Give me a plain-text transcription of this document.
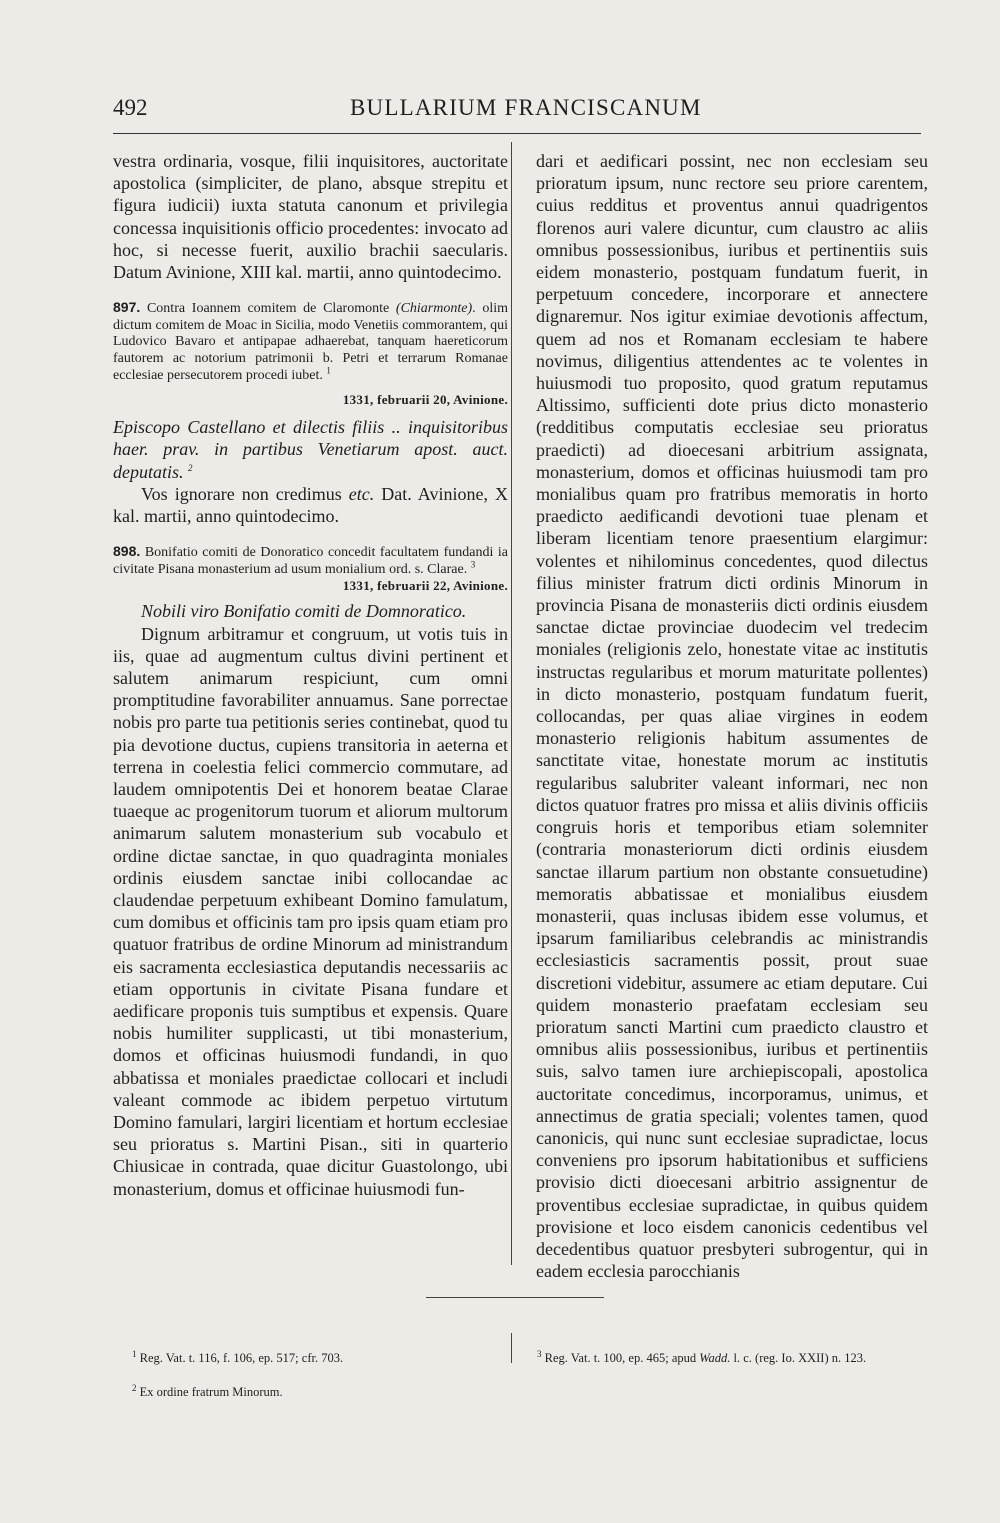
492	BULLARIUM FRANCISCANUM

vestra ordinaria, vosque, filii inquisitores, auctoritate apostolica (simpliciter, de plano, absque strepitu et figura iudicii) iuxta statuta canonum et privilegia concessa inquisitionis officio procedentes: invocato ad hoc, si necesse fuerit, auxilio brachii saecularis. Datum Avinione, XIII kal. martii, anno quintodecimo.

897. Contra Ioannem comitem de Claromonte (Chiarmonte). olim dictum comitem de Moac in Sicilia, modo Venetiis commorantem, qui Ludovico Bavaro et antipapae adhaerebat, tanquam haereticorum fautorem ac notorium patrimonii b. Petri et terrarum Romanae ecclesiae persecutorem procedi iubet. $^1$

1331, februarii 20, Avinione.

Episcopo Castellano et dilectis filiis .. inquisitoribus haer. prav. in partibus Venetiarum apost. auct. deputatis. $^2$

Vos ignorare non credimus etc. Dat. Avinione, X kal. martii, anno quintodecimo.

898. Bonifatio comiti de Donoratico concedit facultatem fundandi ia civitate Pisana monasterium ad usum monialium ord. s. Clarae. $^3$

1331, februarii 22, Avinione.

Nobili viro Bonifatio comiti de Domnoratico.

Dignum arbitramur et congruum, ut votis tuis in iis, quae ad augmentum cultus divini pertinent et salutem animarum respiciunt, cum omni promptitudine favorabiliter annuamus. Sane porrectae nobis pro parte tua petitionis series continebat, quod tu pia devotione ductus, cupiens transitoria in aeterna et terrena in coelestia felici commercio commutare, ad laudem omnipotentis Dei et honorem beatae Clarae tuaeque ac progenitorum tuorum et aliorum multorum animarum salutem monasterium sub vocabulo et ordine dictae sanctae, in quo quadraginta moniales ordinis eiusdem sanctae inibi collocandae ac claudendae perpetuum exhibeant Domino famulatum, cum domibus et officinis tam pro ipsis quam etiam pro quatuor fratribus de ordine Minorum ad ministrandum eis sacramenta ecclesiastica deputandis necessariis ac etiam opportunis in civitate Pisana fundare et aedificare proponis tuis sumptibus et expensis. Quare nobis humiliter supplicasti, ut tibi monasterium, domos et officinas huiusmodi fundandi, in quo abbatissa et moniales praedictae collocari et includi valeant commode ac ibidem perpetuo virtutum Domino famulari, largiri licentiam et hortum ecclesiae seu prioratus s. Martini Pisan., siti in quarterio Chiusicae in contrada, quae dicitur Guastolongo, ubi monasterium, domus et officinae huiusmodi fun-

dari et aedificari possint, nec non ecclesiam seu prioratum ipsum, nunc rectore seu priore carentem, cuius redditus et proventus annui quadrigentos florenos auri valere dicuntur, cum claustro ac aliis omnibus possessionibus, iuribus et pertinentiis suis eidem monasterio, postquam fundatum fuerit, in perpetuum concedere, incorporare et annectere dignaremur. Nos igitur eximiae devotionis affectum, quem ad nos et Romanam ecclesiam te habere novimus, diligentius attendentes ac te volentes in huiusmodi tuo proposito, quod gratum reputamus Altissimo, sufficienti dote prius dicto monasterio (redditibus computatis ecclesiae seu prioratus praedicti) ad dioecesani arbitrium assignata, monasterium, domos et officinas huiusmodi tam pro monialibus quam pro fratribus memoratis in horto praedicto aedificandi devotioni tuae plenam et liberam licentiam tenore praesentium elargimur: volentes et nihilominus concedentes, quod dilectus filius minister fratrum dicti ordinis Minorum in provincia Pisana de monasteriis dicti ordinis eiusdem sanctae dictae provinciae duodecim vel tredecim moniales (religionis zelo, honestate vitae ac institutis instructas regularibus et morum maturitate pollentes) in dicto monasterio, postquam fundatum fuerit, collocandas, per quas aliae virgines in eodem monasterio religionis habitum assumentes de sanctitate vitae, honestate morum ac institutis regularibus salubriter valeant informari, nec non dictos quatuor fratres pro missa et aliis divinis officiis congruis horis et temporibus etiam solemniter (contraria monasteriorum dicti ordinis eiusdem sanctae illarum partium non obstante consuetudine) memoratis abbatissae et monialibus eiusdem monasterii, quas inclusas ibidem esse volumus, et ipsarum familiaribus celebrandis ac ministrandis ecclesiasticis sacramentis possit, prout suae discretioni videbitur, assumere ac etiam deputare. Cui quidem monasterio praefatam ecclesiam seu prioratum sancti Martini cum praedicto claustro et omnibus aliis possessionibus, iuribus et pertinentiis suis, salvo tamen iure archiepiscopali, apostolica auctoritate concedimus, incorporamus, unimus, et annectimus de gratia speciali; volentes tamen, quod canonicis, qui nunc sunt ecclesiae supradictae, locus conveniens pro ipsorum habitationibus et sufficiens provisio dicti dioecesani arbitrio assignentur de proventibus ecclesiae supradictae, in quibus quidem provisione et loco eisdem canonicis cedentibus vel decedentibus quatuor presbyteri subrogentur, qui in eadem ecclesia parocchianis

$^1$ Reg. Vat. t. 116, f. 106, ep. 517; cfr. 703.

$^2$ Ex ordine fratrum Minorum.

$^3$ Reg. Vat. t. 100, ep. 465; apud Wadd. l. c. (reg. Io. XXII) n. 123.
